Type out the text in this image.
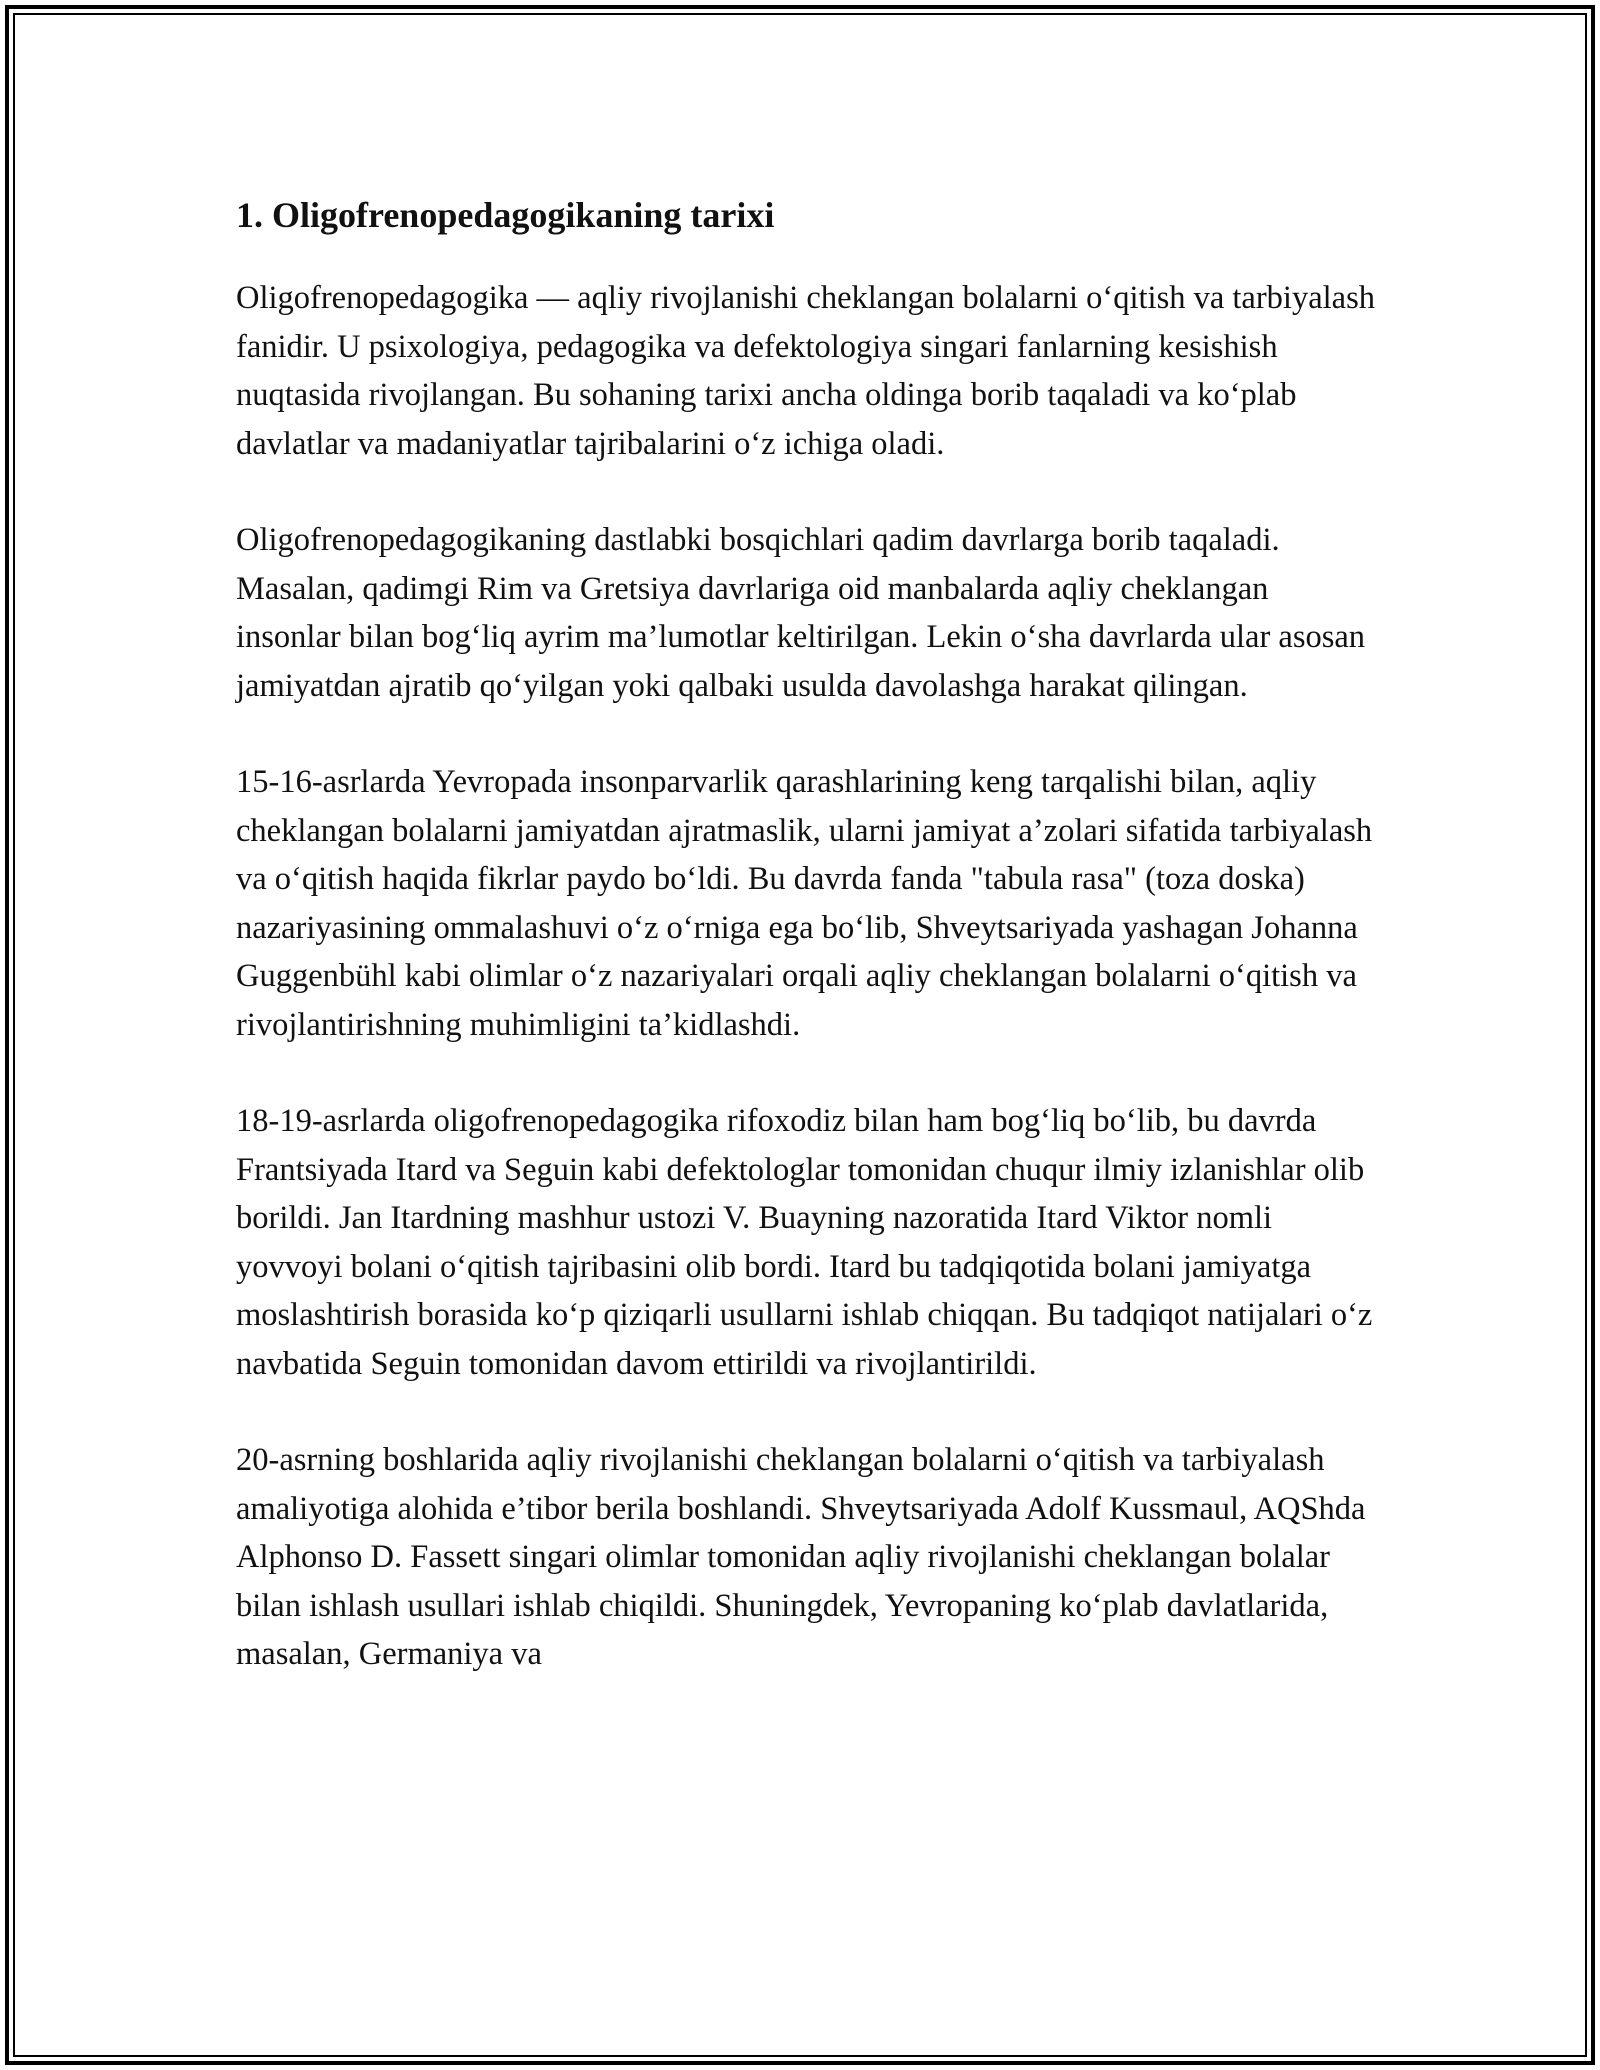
1. Oligofrenopedagogikaning tarixi

Oligofrenopedagogika — aqliy rivojlanishi cheklangan bolalarni o‘qitish va tarbiyalash fanidir. U psixologiya, pedagogika va defektologiya singari fanlarning kesishish nuqtasida rivojlangan. Bu sohaning tarixi ancha oldinga borib taqaladi va ko‘plab davlatlar va madaniyatlar tajribalarini o‘z ichiga oladi.

Oligofrenopedagogikaning dastlabki bosqichlari qadim davrlarga borib taqaladi. Masalan, qadimgi Rim va Gretsiya davrlariga oid manbalarda aqliy cheklangan insonlar bilan bog‘liq ayrim ma’lumotlar keltirilgan. Lekin o‘sha davrlarda ular asosan jamiyatdan ajratib qo‘yilgan yoki qalbaki usulda davolashga harakat qilingan.

15-16-asrlarda Yevropada insonparvarlik qarashlarining keng tarqalishi bilan, aqliy cheklangan bolalarni jamiyatdan ajratmaslik, ularni jamiyat a’zolari sifatida tarbiyalash va o‘qitish haqida fikrlar paydo bo‘ldi. Bu davrda fanda "tabula rasa" (toza doska) nazariyasining ommalashuvi o‘z o‘rniga ega bo‘lib, Shveytsariyada yashagan Johanna Guggenbühl kabi olimlar o‘z nazariyalari orqali aqliy cheklangan bolalarni o‘qitish va rivojlantirishning muhimligini ta’kidlashdi.

18-19-asrlarda oligofrenopedagogika rifoxodiz bilan ham bog‘liq bo‘lib, bu davrda Frantsiyada Itard va Seguin kabi defektologlar tomonidan chuqur ilmiy izlanishlar olib borildi. Jan Itardning mashhur ustozi V. Buayning nazoratida Itard Viktor nomli yovvoyi bolani o‘qitish tajribasini olib bordi. Itard bu tadqiqotida bolani jamiyatga moslashtirish borasida ko‘p qiziqarli usullarni ishlab chiqqan. Bu tadqiqot natijalari o‘z navbatida Seguin tomonidan davom ettirildi va rivojlantirildi.

20-asrning boshlarida aqliy rivojlanishi cheklangan bolalarni o‘qitish va tarbiyalash amaliyotiga alohida e’tibor berila boshlandi. Shveytsariyada Adolf Kussmaul, AQShda Alphonso D. Fassett singari olimlar tomonidan aqliy rivojlanishi cheklangan bolalar bilan ishlash usullari ishlab chiqildi. Shuningdek, Yevropaning ko‘plab davlatlarida, masalan, Germaniya va
